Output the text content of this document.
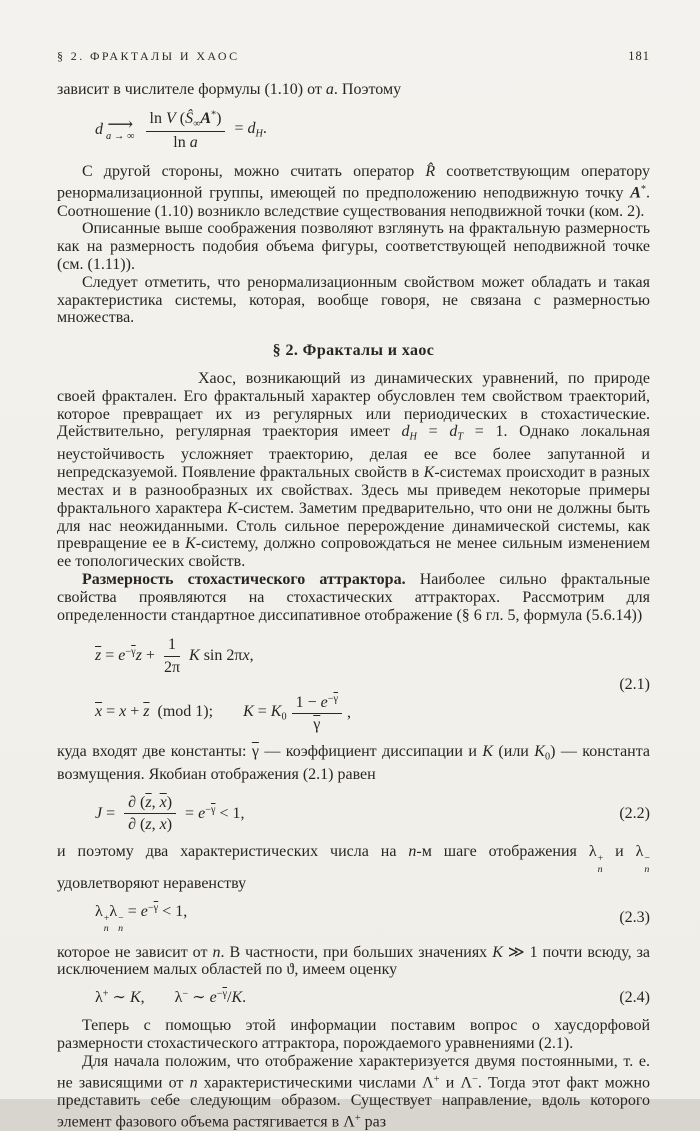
§ 2. ФРАКТАЛЫ И ХАОС	181

зависит в числителе формулы (1.10) от a. Поэтому

d ⟶
a → ∞ $\frac{\ln V (Ŝ_\infty A^*)}{\text{ln a}} = d_H$.

С другой стороны, можно считать оператор R̂ соответствующим оператору ренормализационной группы, имеющей по предположению неподвижную точку A*. Соотношение (1.10) возникло вследствие существования неподвижной точки (ком. 2).

Описанные выше соображения позволяют взглянуть на фрактальную размерность как на размерность подобия объема фигуры, соответствующей неподвижной точке (см. (1.11)).

Следует отметить, что ренормализационным свойством может обладать и такая характеристика системы, которая, вообще говоря, не связана с размерностью множества.

§ 2. Фракталы и хаос

Хаос, возникающий из динамических уравнений, по природе своей фрактален. Его фрактальный характер обусловлен тем свойством траекторий, которое превращает их из регулярных или периодических в стохастические. Действительно, регулярная траектория имеет $d_H = d_T = 1$. Однако локальная неустойчивость усложняет траекторию, делая ее все более запутанной и непредсказуемой. Появление фрактальных свойств в K-системах происходит в разных местах и в разнообразных их свойствах. Здесь мы приведем некоторые примеры фрактального характера K-систем. Заметим предварительно, что они не должны быть для нас неожиданными. Столь сильное перерождение динамической системы, как превращение ее в K-систему, должно сопровождаться не менее сильным изменением ее топологических свойств.

Размерность стохастического аттрактора. Наиболее сильно фрактальные свойства проявляются на стохастических аттракторах. Рассмотрим для определенности стандартное диссипативное отображение (§ 6 гл. 5, формула (5.6.14))

$\overline{z} = e^{-\overline{\gamma}}z + \frac{1}{2\pi}$ K sin 2πx,
$\overline{x} = x + \overline{z}$  (mod 1); $K = K_0 \frac{1 - e^{-\overline{\gamma}}}{\gamma}$ ,
(2.1)

куда входят две константы: $\overline{\gamma}$ — коэффициент диссипации и K (или $K_0$) — константа возмущения. Якобиан отображения (2.1) равен

$J = \frac{\partial (\overline{z}, \overline{x})}{\partial (z, x)} = e^{-\overline{\gamma}} < 1$,	(2.2)

и поэтому два характеристических числа на n-м шаге отображения λ +
n
и λ −
n
удовлетворяют неравенству

λ +
n
λ −
n
= $e^{-\overline{\gamma}} < 1$,	(2.3)

которое не зависит от n. В частности, при больших значениях K ≫ 1 почти всюду, за исключением малых областей по ϑ, имеем оценку

λ+ ∼ K, λ− ∼ $e^{-\overline{\gamma}}/K$.	(2.4)

Теперь с помощью этой информации поставим вопрос о хаусдорфовой размерности стохастического аттрактора, порождаемого уравнениями (2.1).

Для начала положим, что отображение характеризуется двумя постоянными, т. е. не зависящими от n характеристическими числами Λ+ и Λ−. Тогда этот факт можно представить себе следующим образом. Существует направление, вдоль которого элемент фазового объема растягивается в Λ+ раз
